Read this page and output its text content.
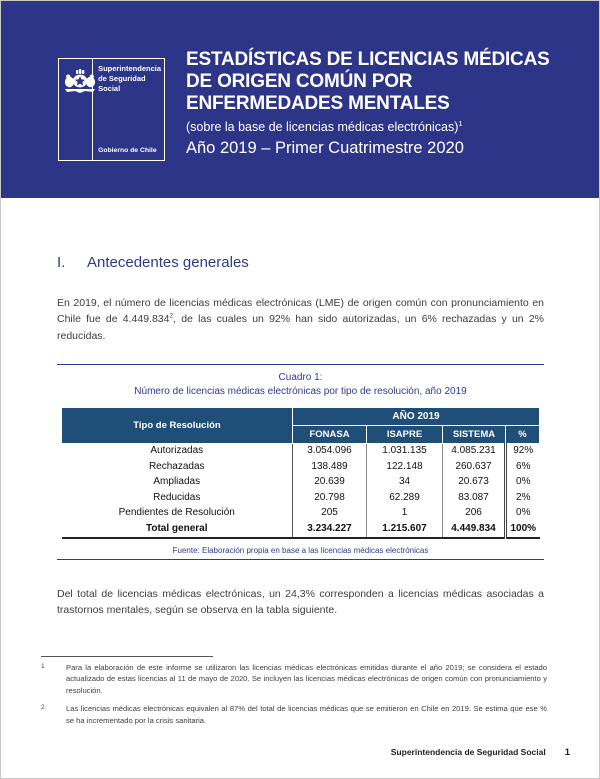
Superintendencia
de Seguridad
Social
Gobierno de Chile
ESTADÍSTICAS DE LICENCIAS MÉDICAS
DE ORIGEN COMÚN POR
ENFERMEDADES MENTALES
(sobre la base de licencias médicas electrónicas)$^1$
Año 2019 – Primer Cuatrimestre 2020
I. Antecedentes generales

En 2019, el número de licencias médicas electrónicas (LME) de origen común con pronunciamiento en Chile fue de 4.449.834$^2$, de las cuales un 92% han sido autorizadas, un 6% rechazadas y un 2% reducidas.

Cuadro 1:
Número de licencias médicas electrónicas por tipo de resolución, año 2019
Tipo de Resolución	AÑO 2019			
	FONASA	ISAPRE	SISTEMA	%
Autorizadas	3.054.096	1.031.135	4.085.231	92%
Rechazadas	138.489	122.148	260.637	6%
Ampliadas	20.639	34	20.673	0%
Reducidas	20.798	62.289	83.087	2%
Pendientes de Resolución	205	1	206	0%
Total general	3.234.227	1.215.607	4.449.834	100%
Fuente: Elaboración propia en base a las licencias médicas electrónicas

Del total de licencias médicas electrónicas, un 24,3% corresponden a licencias médicas asociadas a trastornos mentales, según se observa en la tabla siguiente.

1	Para la elaboración de este informe se utilizaron las licencias médicas electrónicas emitidas durante el año 2019; se considera el estado actualizado de estas licencias al 11 de mayo de 2020. Se incluyen las licencias médicas electrónicas de origen común con pronunciamiento y resolución.
2	Las licencias médicas electrónicas equivalen al 87% del total de licencias médicas que se emitieron en Chile en 2019. Se estima que ese % se ha incrementado por la crisis sanitaria.
Superintendencia de Seguridad Social 1
